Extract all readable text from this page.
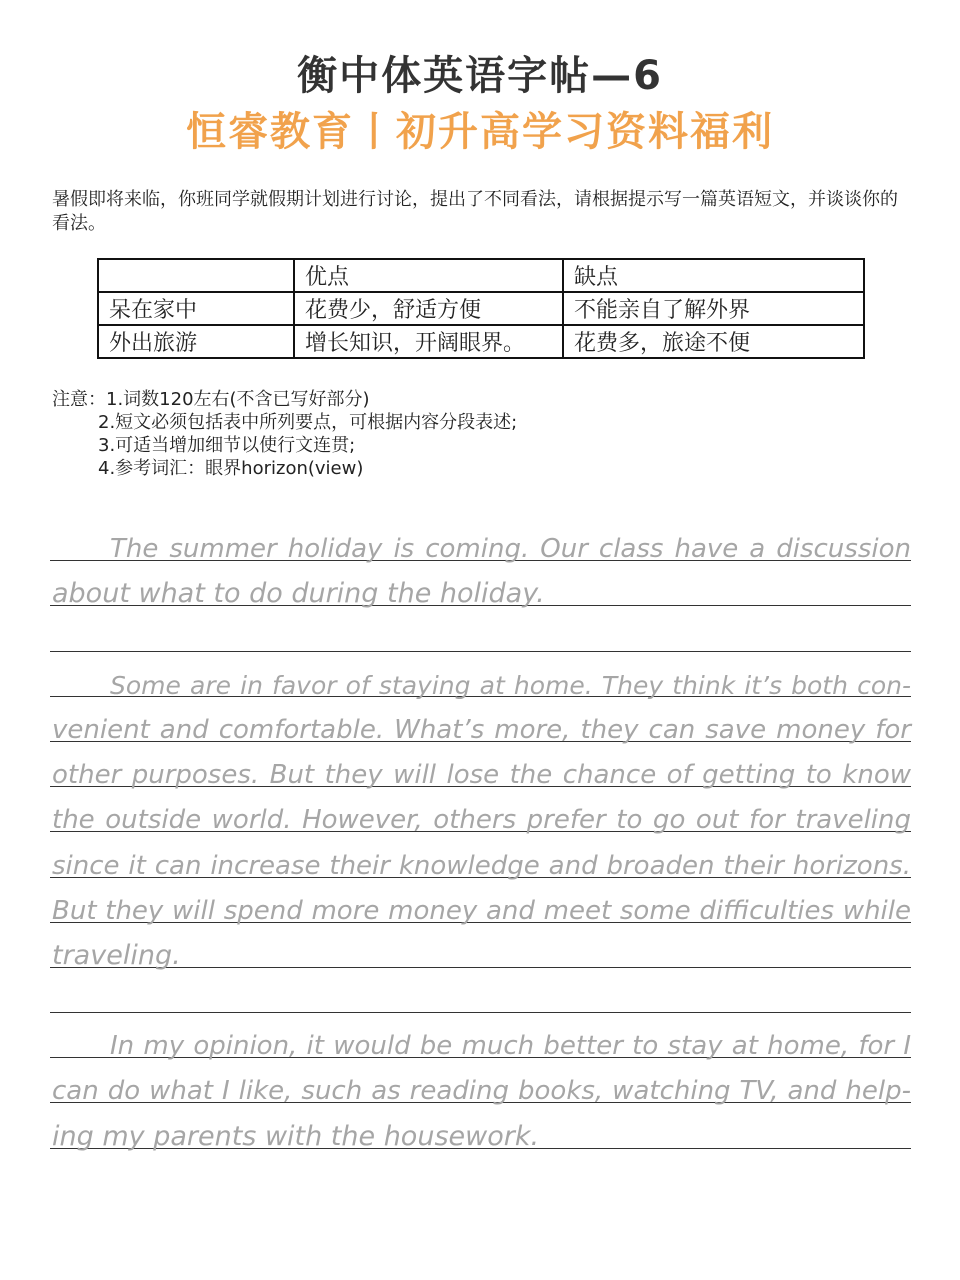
衡中体英语字帖—6
恒睿教育丨初升高学习资料福利
暑假即将来临，你班同学就假期计划进行讨论，提出了不同看法，请根据提示写一篇英语短文，并谈谈你的看法。
	优点	缺点
呆在家中	花费少，舒适方便	不能亲自了解外界
外出旅游	增长知识，开阔眼界。	花费多，旅途不便
注意：1.词数120左右(不含已写好部分)
2.短文必须包括表中所列要点，可根据内容分段表述;
3.可适当增加细节以使行文连贯;
4.参考词汇：眼界horizon(view)
The summer holiday is coming. Our class have a discussion
about what to do during the holiday.
Some are in favor of staying at home. They think it’s both con-
venient and comfortable. What’s more, they can save money for
other purposes. But they will lose the chance of getting to know
the outside world. However, others prefer to go out for traveling
since it can increase their knowledge and broaden their horizons.
But they will spend more money and meet some difficulties while
traveling.
In my opinion, it would be much better to stay at home, for I
can do what I like, such as reading books, watching TV, and help-
ing my parents with the housework.
